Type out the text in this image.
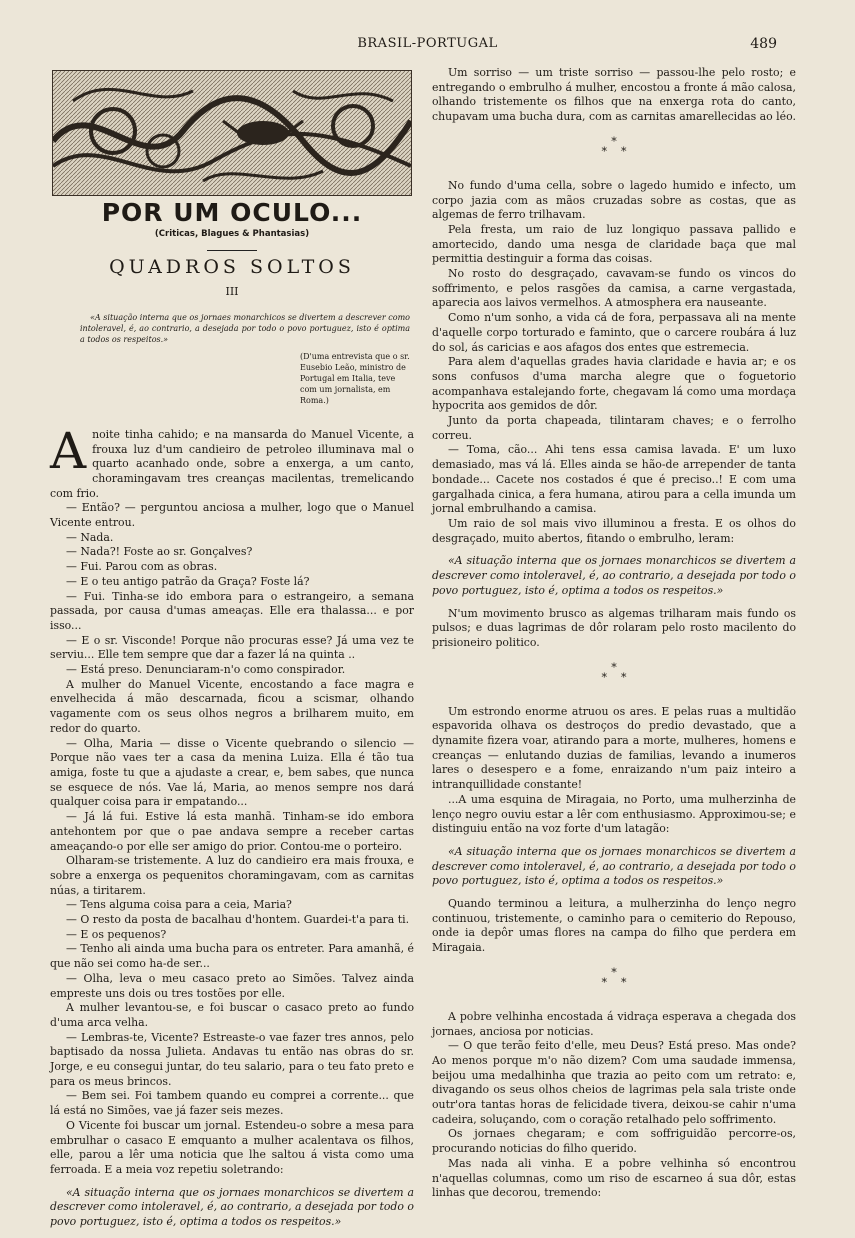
BRASIL-PORTUGAL	489
POR UM OCULO...
(Criticas, Blagues & Phantasias)
QUADROS SOLTOS
III
«A situação interna que os jornaes monarchicos se divertem a descrever como intoleravel, é, ao contrario, a desejada por todo o povo portuguez, isto é optima a todos os respeitos.»
(D'uma entrevista que o sr. Eusebio Leão, ministro de Portugal em Italia, teve com um jornalista, em Roma.)

Anoite tinha cahido; e na mansarda do Manuel Vicente, a frouxa luz d'um candieiro de petroleo illuminava mal o quarto acanhado onde, sobre a enxerga, a um canto, choramingavam tres creanças macilentas, tremelicando com frio.

— Então? — perguntou anciosa a mulher, logo que o Manuel Vicente entrou.

— Nada.

— Nada?! Foste ao sr. Gonçalves?

— Fui. Parou com as obras.

— E o teu antigo patrão da Graça? Foste lá?

— Fui. Tinha-se ido embora para o estrangeiro, a semana passada, por causa d'umas ameaças. Elle era thalassa... e por isso...

— E o sr. Visconde! Porque não procuras esse? Já uma vez te serviu... Elle tem sempre que dar a fazer lá na quinta ..

— Está preso. Denunciaram-n'o como conspirador.

A mulher do Manuel Vicente, encostando a face magra e envelhecida á mão descarnada, ficou a scismar, olhando vagamente com os seus olhos negros a brilharem muito, em redor do quarto.

— Olha, Maria — disse o Vicente quebrando o silencio — Porque não vaes ter a casa da menina Luiza. Ella é tão tua amiga, foste tu que a ajudaste a crear, e, bem sabes, que nunca se esquece de nós. Vae lá, Maria, ao menos sempre nos dará qualquer coisa para ir empatando...

— Já lá fui. Estive lá esta manhã. Tinham-se ido embora antehontem por que o pae andava sempre a receber cartas ameaçando-o por elle ser amigo do prior. Contou-me o porteiro.

Olharam-se tristemente. A luz do candieiro era mais frouxa, e sobre a enxerga os pequenitos choramingavam, com as carnitas núas, a tiritarem.

— Tens alguma coisa para a ceia, Maria?

— O resto da posta de bacalhau d'hontem. Guardei-t'a para ti.

— E os pequenos?

— Tenho ali ainda uma bucha para os entreter. Para amanhã, é que não sei como ha-de ser...

— Olha, leva o meu casaco preto ao Simões. Talvez ainda empreste uns dois ou tres tostões por elle.

A mulher levantou-se, e foi buscar o casaco preto ao fundo d'uma arca velha.

— Lembras-te, Vicente? Estreaste-o vae fazer tres annos, pelo baptisado da nossa Julieta. Andavas tu então nas obras do sr. Jorge, e eu consegui juntar, do teu salario, para o teu fato preto e para os meus brincos.

— Bem sei. Foi tambem quando eu comprei a corrente... que lá está no Simões, vae já fazer seis mezes.

O Vicente foi buscar um jornal. Estendeu-o sobre a mesa para embrulhar o casaco E emquanto a mulher acalentava os filhos, elle, parou a lêr uma noticia que lhe saltou á vista como uma ferroada. E a meia voz repetiu soletrando:

«A situação interna que os jornaes monarchicos se divertem a descrever como intoleravel, é, ao contrario, a desejada por todo o povo portuguez, isto é, optima a todos os respeitos.»

Um sorriso — um triste sorriso — passou-lhe pelo rosto; e entregando o embrulho á mulher, encostou a fronte á mão calosa, olhando tristemente os filhos que na enxerga rota do canto, chupavam uma bucha dura, com as carnitas amarellecidas ao léo.

*
*    *

No fundo d'uma cella, sobre o lagedo humido e infecto, um corpo jazia com as mãos cruzadas sobre as costas, que as algemas de ferro trilhavam.

Pela fresta, um raio de luz longiquo passava pallido e amortecido, dando uma nesga de claridade baça que mal permittia destinguir a forma das coisas.

No rosto do desgraçado, cavavam-se fundo os vincos do soffrimento, e pelos rasgões da camisa, a carne vergastada, aparecia aos laivos vermelhos. A atmosphera era nauseante.

Como n'um sonho, a vida cá de fora, perpassava ali na mente d'aquelle corpo torturado e faminto, que o carcere roubára á luz do sol, ás caricias e aos afagos dos entes que estremecia.

Para alem d'aquellas grades havia claridade e havia ar; e os sons confusos d'uma marcha alegre que o foguetorio acompanhava estalejando forte, chegavam lá como uma mordaça hypocrita aos gemidos de dôr.

Junto da porta chapeada, tilintaram chaves; e o ferrolho correu.

— Toma, cão... Ahi tens essa camisa lavada. E' um luxo demasiado, mas vá lá. Elles ainda se hão-de arrepender de tanta bondade... Cacete nos costados é que é preciso..! E com uma gargalhada cinica, a fera humana, atirou para a cella imunda um jornal embrulhando a camisa.

Um raio de sol mais vivo illuminou a fresta. E os olhos do desgraçado, muito abertos, fitando o embrulho, leram:

«A situação interna que os jornaes monarchicos se divertem a descrever como intoleravel, é, ao contrario, a desejada por todo o povo portuguez, isto é, optima a todos os respeitos.»

N'um movimento brusco as algemas trilharam mais fundo os pulsos; e duas lagrimas de dôr rolaram pelo rosto macilento do prisioneiro politico.

*
*    *

Um estrondo enorme atruou os ares. E pelas ruas a multidão espavorida olhava os destroços do predio devastado, que a dynamite fizera voar, atirando para a morte, mulheres, homens e creanças — enlutando duzias de familias, levando a inumeros lares o desespero e a fome, enraizando n'um paiz inteiro a intranquillidade constante!

...A uma esquina de Miragaia, no Porto, uma mulherzinha de lenço negro ouviu estar a lêr com enthusiasmo. Approximou-se; e distinguiu então na voz forte d'um latagão:

«A situação interna que os jornaes monarchicos se divertem a descrever como intoleravel, é, ao contrario, a desejada por todo o povo portuguez, isto é, optima a todos os respeitos.»

Quando terminou a leitura, a mulherzinha do lenço negro continuou, tristemente, o caminho para o cemiterio do Repouso, onde ia depôr umas flores na campa do filho que perdera em Miragaia.

*
*    *

A pobre velhinha encostada á vidraça esperava a chegada dos jornaes, anciosa por noticias.

— O que terão feito d'elle, meu Deus? Está preso. Mas onde? Ao menos porque m'o não dizem? Com uma saudade immensa, beijou uma medalhinha que trazia ao peito com um retrato: e, divagando os seus olhos cheios de lagrimas pela sala triste onde outr'ora tantas horas de felicidade tivera, deixou-se cahir n'uma cadeira, soluçando, com o coração retalhado pelo soffrimento.

Os jornaes chegaram; e com soffriguidão percorre-os, procurando noticias do filho querido.

Mas nada ali vinha. E a pobre velhinha só encontrou n'aquellas columnas, como um riso de escarneo á sua dôr, estas linhas que decorou, tremendo:
